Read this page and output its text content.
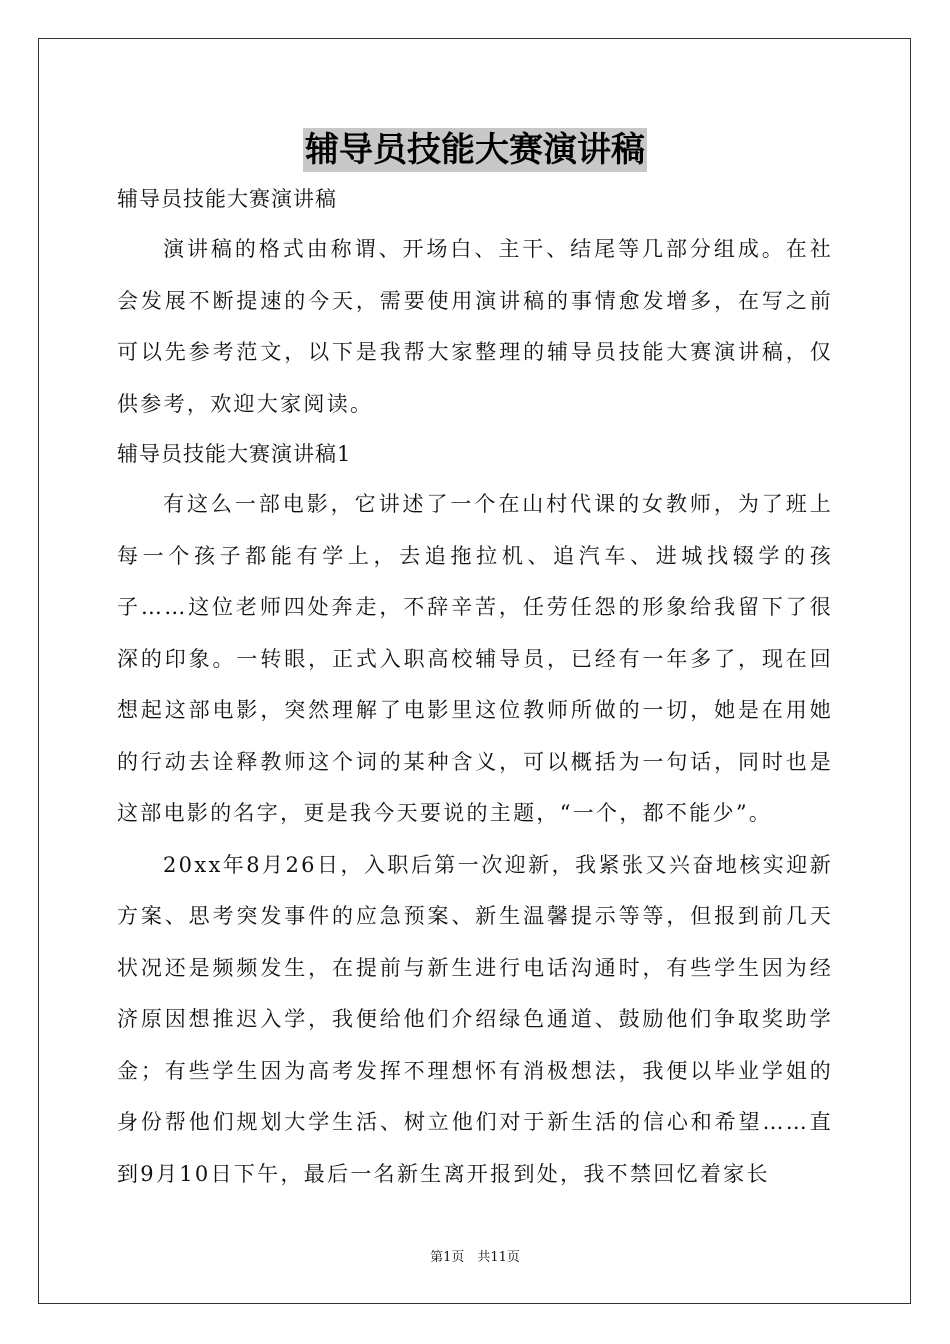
辅导员技能大赛演讲稿

辅导员技能大赛演讲稿

演讲稿的格式由称谓、开场白、主干、结尾等几部分组成。在社会发展不断提速的今天，需要使用演讲稿的事情愈发增多，在写之前可以先参考范文，以下是我帮大家整理的辅导员技能大赛演讲稿，仅供参考，欢迎大家阅读。

辅导员技能大赛演讲稿1

有这么一部电影，它讲述了一个在山村代课的女教师，为了班上每一个孩子都能有学上，去追拖拉机、追汽车、进城找辍学的孩子……这位老师四处奔走，不辞辛苦，任劳任怨的形象给我留下了很深的印象。一转眼，正式入职高校辅导员，已经有一年多了，现在回想起这部电影，突然理解了电影里这位教师所做的一切，她是在用她的行动去诠释教师这个词的某种含义，可以概括为一句话，同时也是这部电影的名字，更是我今天要说的主题，“一个，都不能少”。

20xx年8月26日，入职后第一次迎新，我紧张又兴奋地核实迎新方案、思考突发事件的应急预案、新生温馨提示等等，但报到前几天状况还是频频发生，在提前与新生进行电话沟通时，有些学生因为经济原因想推迟入学，我便给他们介绍绿色通道、鼓励他们争取奖助学金；有些学生因为高考发挥不理想怀有消极想法，我便以毕业学姐的身份帮他们规划大学生活、树立他们对于新生活的信心和希望……直到9月10日下午，最后一名新生离开报到处，我不禁回忆着家长

第1页　共11页
